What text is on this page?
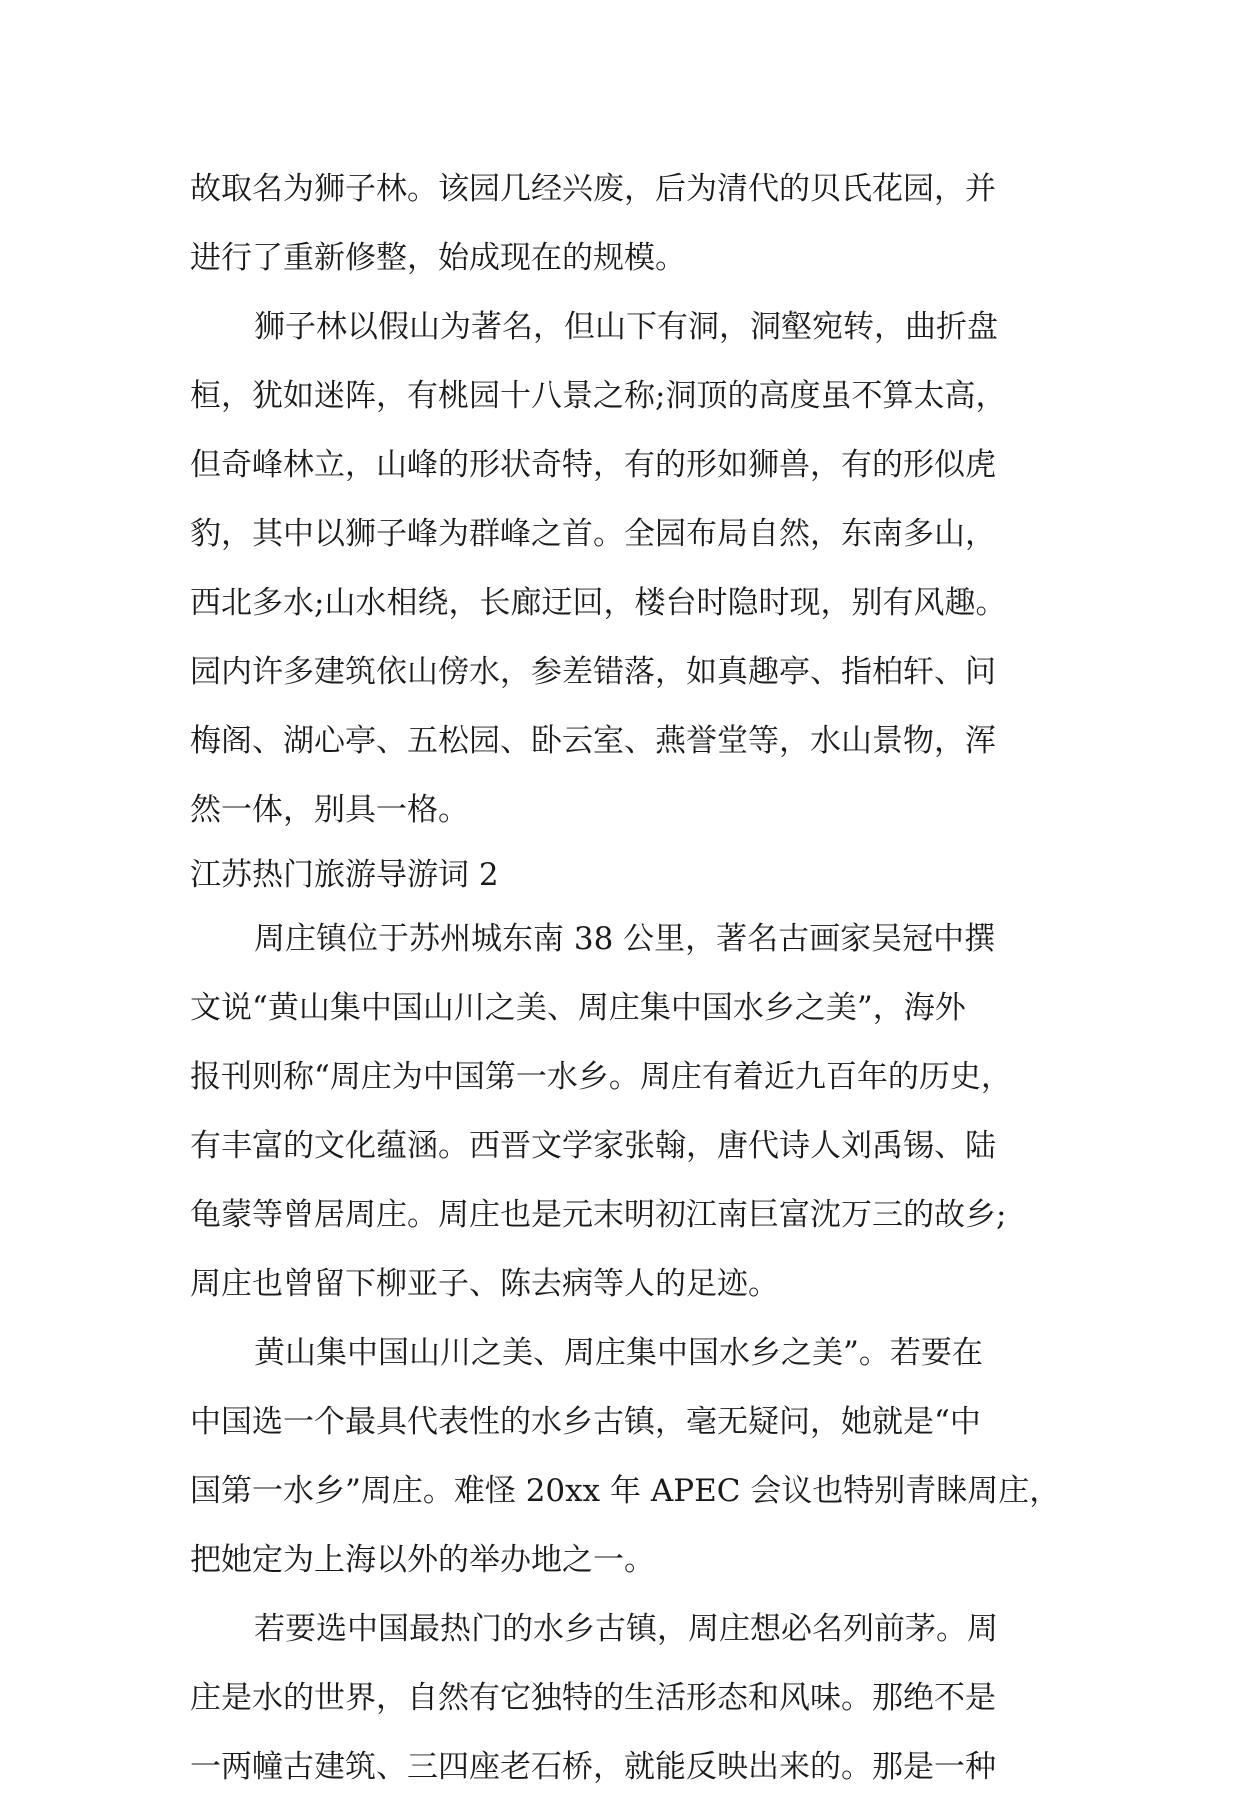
故取名为狮子林。该园几经兴废，后为清代的贝氏花园，并
进行了重新修整，始成现在的规模。
狮子林以假山为著名，但山下有洞，洞壑宛转，曲折盘
桓，犹如迷阵，有桃园十八景之称;洞顶的高度虽不算太高，
但奇峰林立，山峰的形状奇特，有的形如狮兽，有的形似虎
豹，其中以狮子峰为群峰之首。全园布局自然，东南多山，
西北多水;山水相绕，长廊迂回，楼台时隐时现，别有风趣。
园内许多建筑依山傍水，参差错落，如真趣亭、指柏轩、问
梅阁、湖心亭、五松园、卧云室、燕誉堂等，水山景物，浑
然一体，别具一格。
江苏热门旅游导游词 2
周庄镇位于苏州城东南 38 公里，著名古画家吴冠中撰
文说“黄山集中国山川之美、周庄集中国水乡之美”，海外
报刊则称“周庄为中国第一水乡。周庄有着近九百年的历史，
有丰富的文化蕴涵。西晋文学家张翰，唐代诗人刘禹锡、陆
龟蒙等曾居周庄。周庄也是元末明初江南巨富沈万三的故乡;
周庄也曾留下柳亚子、陈去病等人的足迹。
黄山集中国山川之美、周庄集中国水乡之美”。若要在
中国选一个最具代表性的水乡古镇，毫无疑问，她就是“中
国第一水乡”周庄。难怪 20xx 年 APEC 会议也特别青睐周庄，
把她定为上海以外的举办地之一。
若要选中国最热门的水乡古镇，周庄想必名列前茅。周
庄是水的世界，自然有它独特的生活形态和风味。那绝不是
一两幢古建筑、三四座老石桥，就能反映出来的。那是一种
